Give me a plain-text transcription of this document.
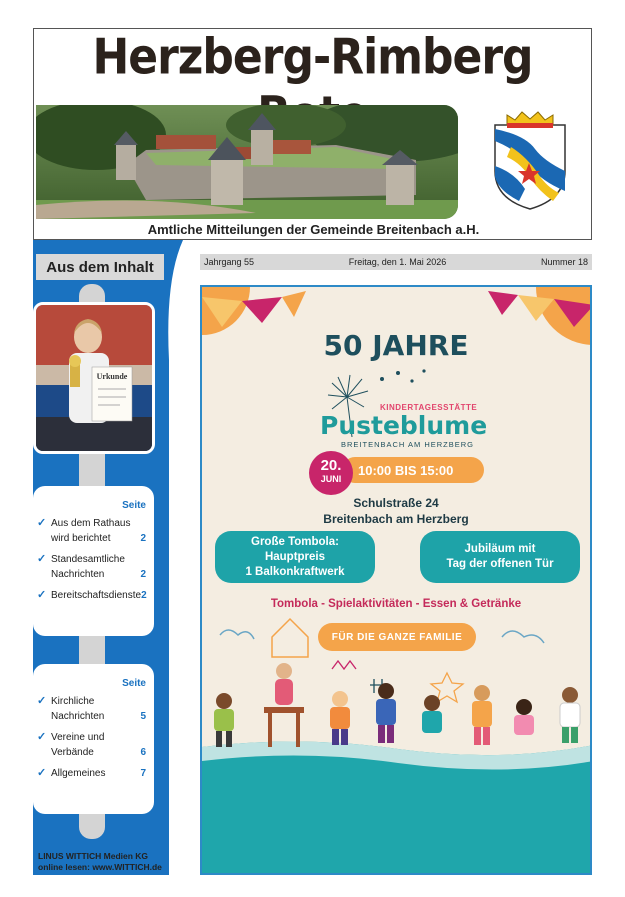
Herzberg-Rimberg
Amtliche Mitteilungen der Gemeinde Breitenbach a.H.
Aus dem Inhalt
Urkunde
Seite
✓ Aus dem Rathaus wird berichtet	2
✓ Standesamtliche Nachrichten	2
✓ Bereitschaftsdienste 2
Seite
✓ Kirchliche Nachrichten	5
✓ Vereine und Verbände	6
✓ Allgemeines	7
LINUS WITTICH Medien KG
online lesen: www.WITTICH.de
Jahrgang 55	Freitag, den 1. Mai 2026	Nummer 18
50 JAHRE
KINDERTAGESSTÄTTE
Pusteblume
BREITENBACH AM HERZBERG
10:00 BIS 15:00
20.
JUNI
Schulstraße 24
Breitenbach am Herzberg
Große Tombola:
Hauptpreis
1 Balkonkraftwerk
Jubiläum mit
Tag der offenen Tür
Tombola - Spielaktivitäten - Essen & Getränke
FÜR DIE GANZE FAMILIE
